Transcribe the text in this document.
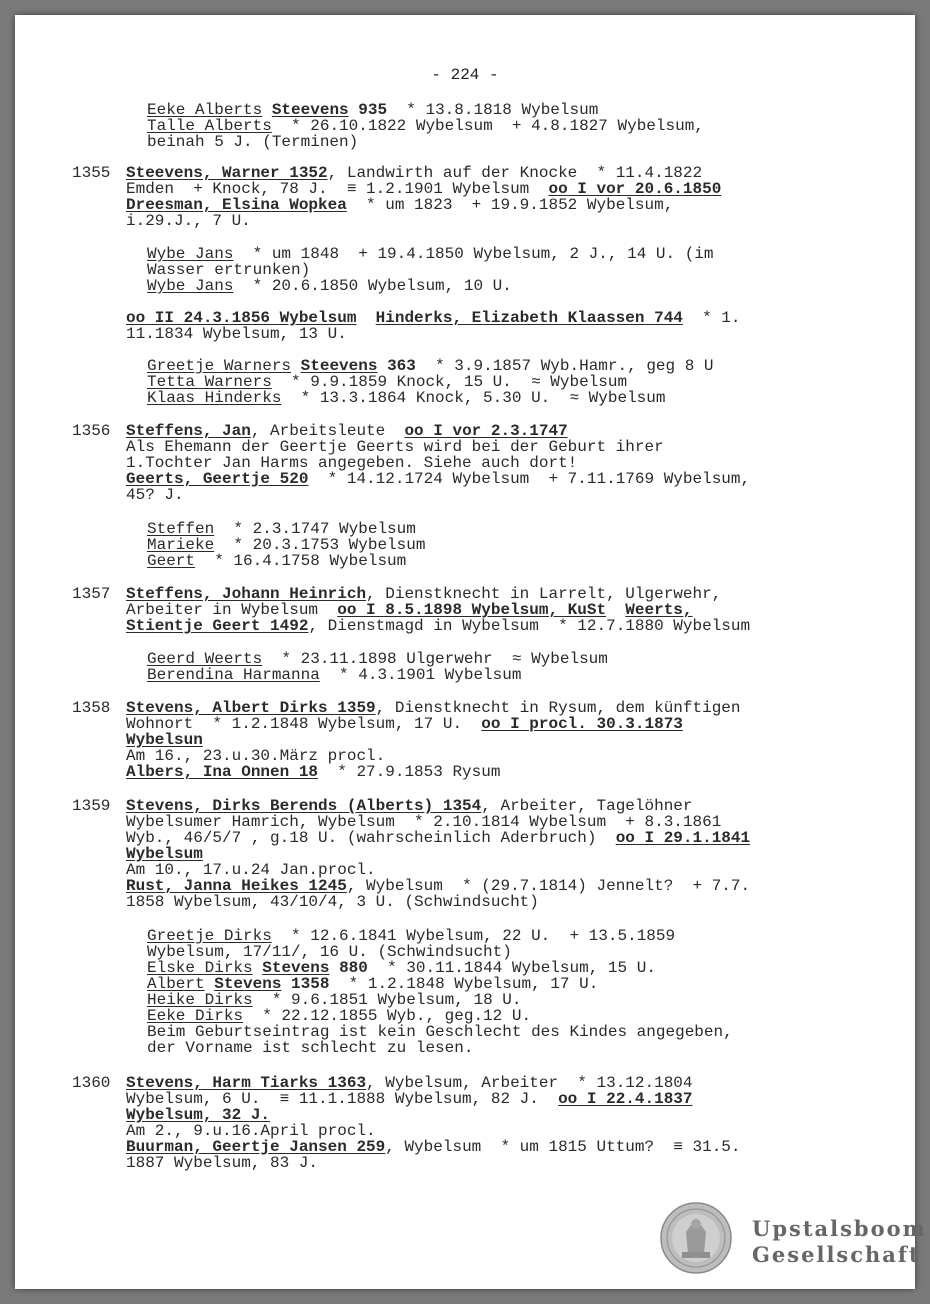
- 224 -
Eeke Alberts Steevens 935  * 13.8.1818 Wybelsum
Talle Alberts  * 26.10.1822 Wybelsum  + 4.8.1827 Wybelsum,
beinah 5 J. (Terminen)
1355 Steevens, Warner 1352, Landwirth auf der Knocke  * 11.4.1822
Emden  + Knock, 78 J.  ≡ 1.2.1901 Wybelsum  oo I vor 20.6.1850
Dreesman, Elsina Wopkea  * um 1823  + 19.9.1852 Wybelsum,
i.29.J., 7 U.
Wybe Jans  * um 1848  + 19.4.1850 Wybelsum, 2 J., 14 U. (im
Wasser ertrunken)
Wybe Jans  * 20.6.1850 Wybelsum, 10 U.
oo II 24.3.1856 Wybelsum Hinderks, Elizabeth Klaassen 744  * 1.
11.1834 Wybelsum, 13 U.
Greetje Warners Steevens 363  * 3.9.1857 Wyb.Hamr., geg 8 U
Tetta Warners  * 9.9.1859 Knock, 15 U.  ≈ Wybelsum
Klaas Hinderks  * 13.3.1864 Knock, 5.30 U.  ≈ Wybelsum
1356 Steffens, Jan, Arbeitsleute  oo I vor 2.3.1747
Als Ehemann der Geertje Geerts wird bei der Geburt ihrer
1.Tochter Jan Harms angegeben. Siehe auch dort!
Geerts, Geertje 520  * 14.12.1724 Wybelsum  + 7.11.1769 Wybelsum,
45? J.
Steffen  * 2.3.1747 Wybelsum
Marieke  * 20.3.1753 Wybelsum
Geert  * 16.4.1758 Wybelsum
1357 Steffens, Johann Heinrich, Dienstknecht in Larrelt, Ulgerwehr,
Arbeiter in Wybelsum  oo I 8.5.1898 Wybelsum, KuSt Weerts,
Stientje Geert 1492, Dienstmagd in Wybelsum  * 12.7.1880 Wybelsum
Geerd Weerts  * 23.11.1898 Ulgerwehr  ≈ Wybelsum
Berendina Harmanna  * 4.3.1901 Wybelsum
1358 Stevens, Albert Dirks 1359, Dienstknecht in Rysum, dem künftigen
Wohnort  * 1.2.1848 Wybelsum, 17 U.  oo I procl. 30.3.1873
Wybelsun
Am 16., 23.u.30.März procl.
Albers, Ina Onnen 18  * 27.9.1853 Rysum
1359 Stevens, Dirks Berends (Alberts) 1354, Arbeiter, Tagelöhner
Wybelsumer Hamrich, Wybelsum  * 2.10.1814 Wybelsum  + 8.3.1861
Wyb., 46/5/7 , g.18 U. (wahrscheinlich Aderbruch)  oo I 29.1.1841
Wybelsum
Am 10., 17.u.24 Jan.procl.
Rust, Janna Heikes 1245, Wybelsum  * (29.7.1814) Jennelt?  + 7.7.
1858 Wybelsum, 43/10/4, 3 U. (Schwindsucht)
Greetje Dirks  * 12.6.1841 Wybelsum, 22 U.  + 13.5.1859
Wybelsum, 17/11/, 16 U. (Schwindsucht)
Elske Dirks Stevens 880  * 30.11.1844 Wybelsum, 15 U.
Albert Stevens 1358  * 1.2.1848 Wybelsum, 17 U.
Heike Dirks  * 9.6.1851 Wybelsum, 18 U.
Eeke Dirks  * 22.12.1855 Wyb., geg.12 U.
Beim Geburtseintrag ist kein Geschlecht des Kindes angegeben,
der Vorname ist schlecht zu lesen.
1360 Stevens, Harm Tiarks 1363, Wybelsum, Arbeiter  * 13.12.1804
Wybelsum, 6 U.  ≡ 11.1.1888 Wybelsum, 82 J.  oo I 22.4.1837
Wybelsum, 32 J.
Am 2., 9.u.16.April procl.
Buurman, Geertje Jansen 259, Wybelsum  * um 1815 Uttum?  ≡ 31.5.
1887 Wybelsum, 83 J.
Upstalsboom
Gesellschaft
